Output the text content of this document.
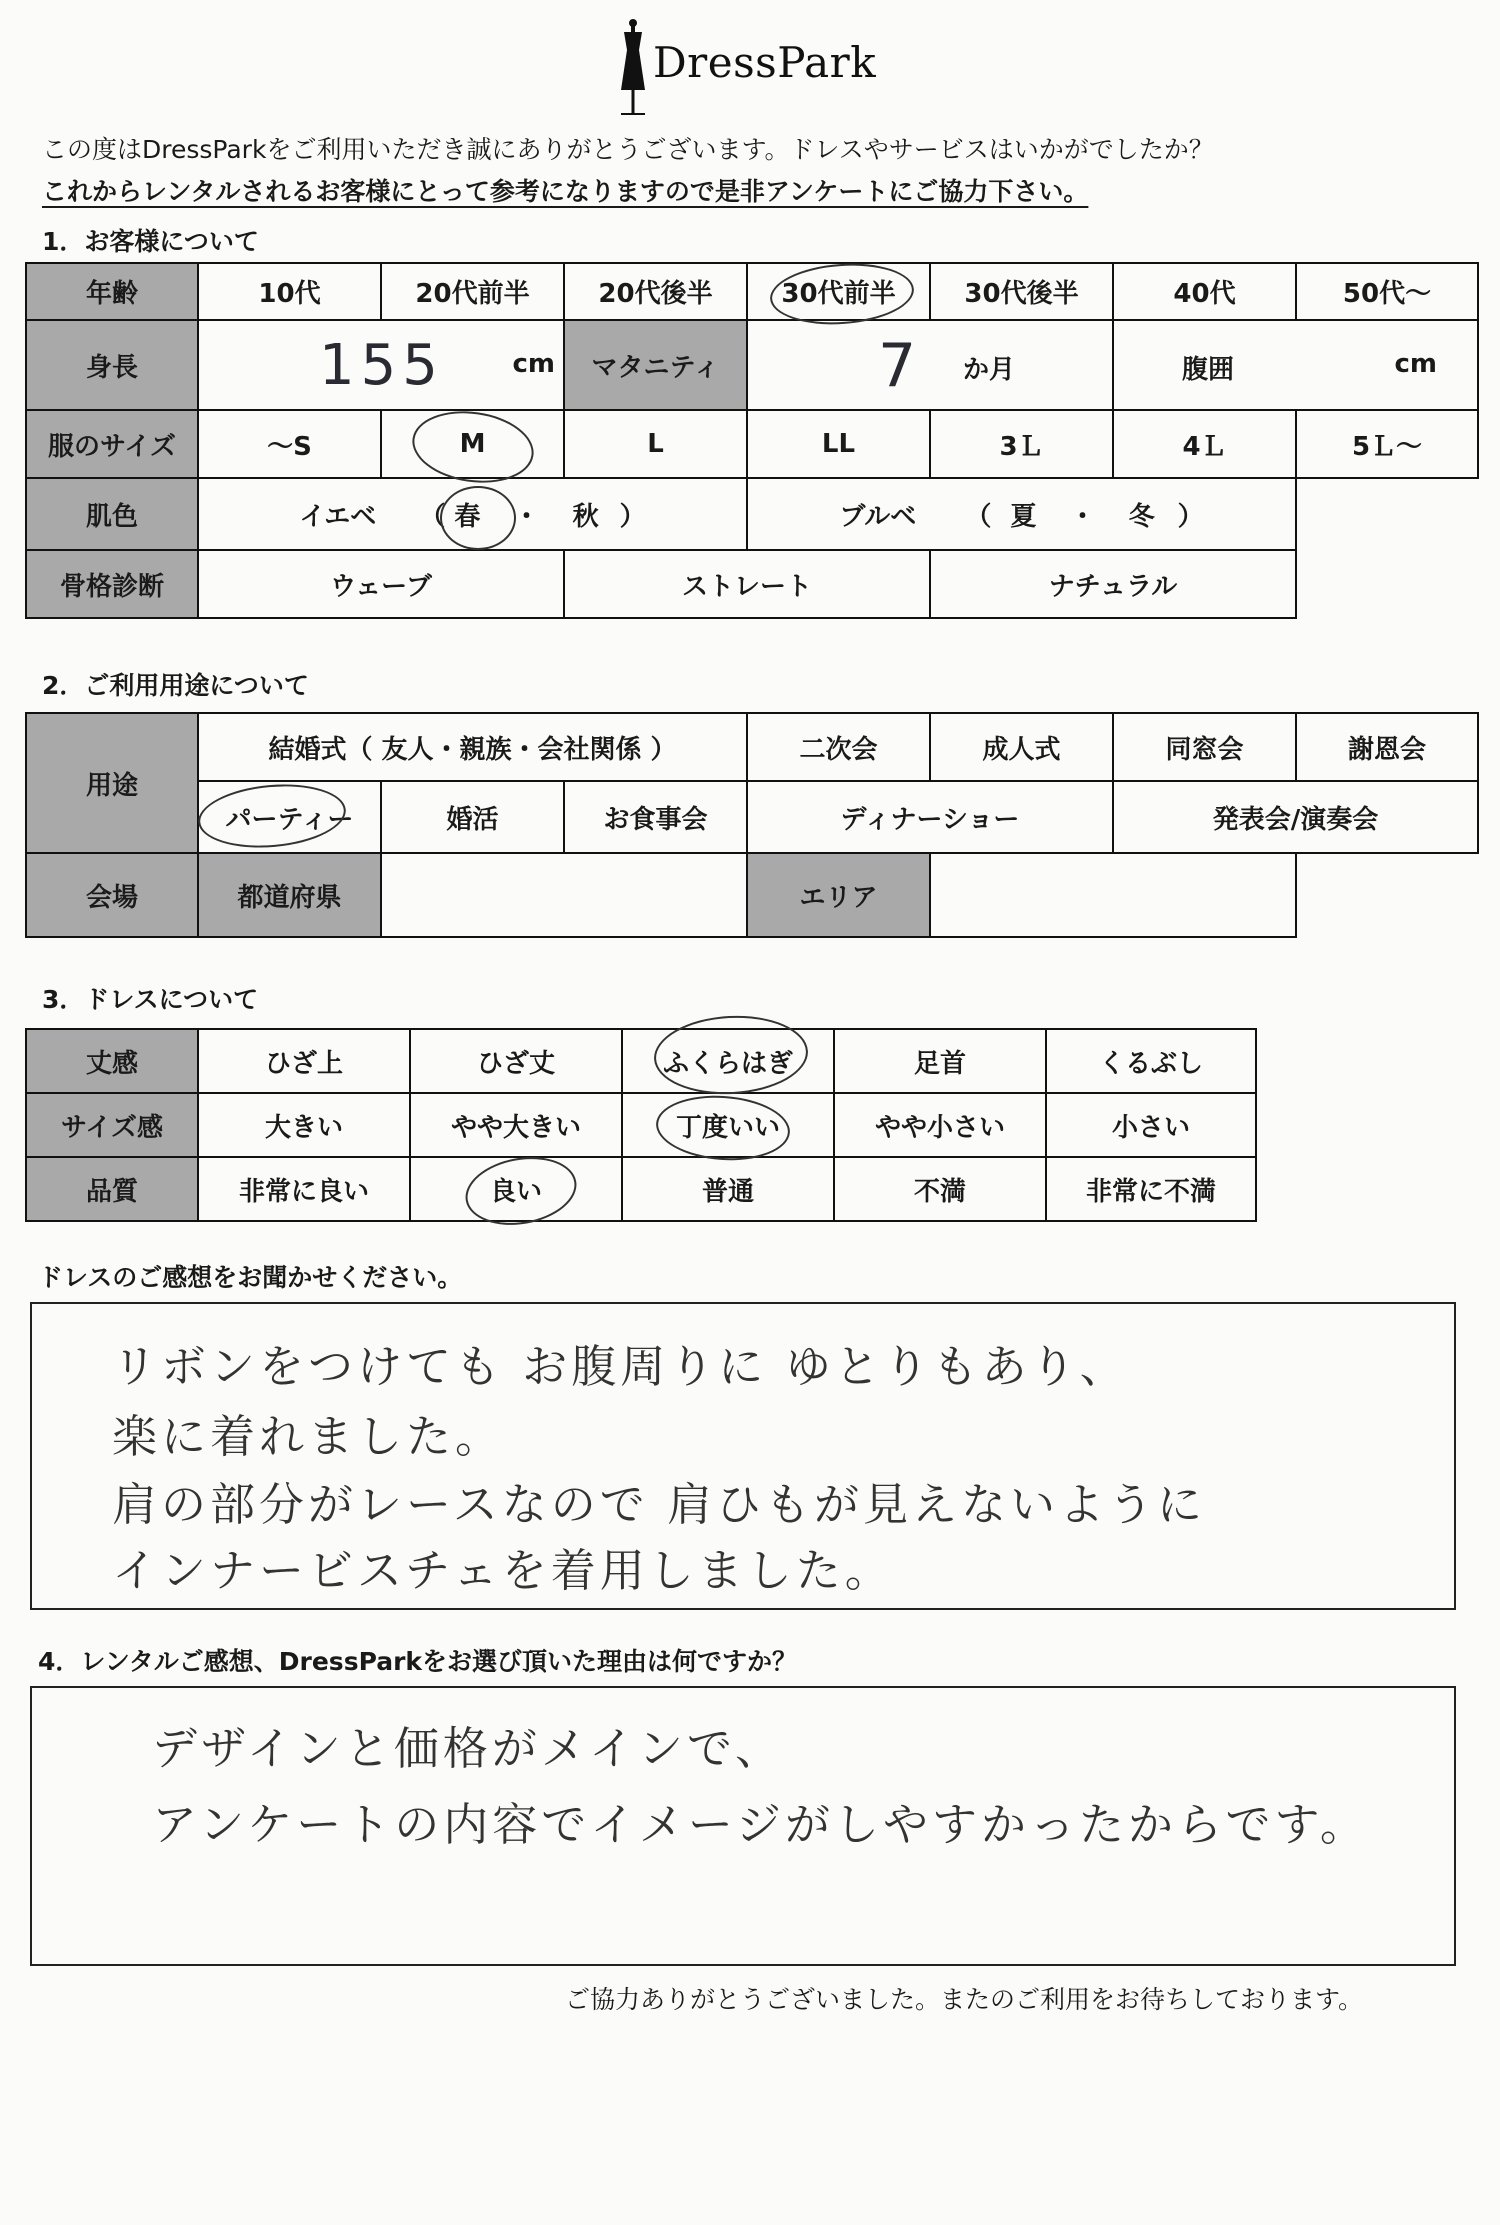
DressPark
この度はDressParkをご利用いただき誠にありがとうございます。ドレスやサービスはいかがでしたか？
これからレンタルされるお客様にとって参考になりますので是非アンケートにご協力下さい。
1．お客様について
年齢	10代	20代前半	20代後半	30代前半	30代後半	40代	50代～
身長	155 cm		マタニティ	7 か月		腹囲 cm	

服のサイズ	～S	M	L	LL	3Ｌ	4Ｌ	5Ｌ～
肌色	イエベ （ 春 ・ 秋 ）			ブルベ （ 夏 ・ 冬 ）			
骨格診断	ウェーブ		ストレート		ナチュラル		
2．ご利用用途について
用途	結婚式（ 友人・親族・会社関係 ）			二次会	成人式	同窓会	謝恩会
	パーティー	婚活	お食事会	ディナーショー		発表会/演奏会	
会場	都道府県			エリア			
3．ドレスについて
丈感	ひざ上	ひざ丈	ふくらはぎ	足首	くるぶし
サイズ感	大きい	やや大きい	丁度いい	やや小さい	小さい
品質	非常に良い	良い	普通	不満	非常に不満
ドレスのご感想をお聞かせください。
リボンをつけても お腹周りに ゆとりもあり、
楽に着れました。
肩の部分がレースなので 肩ひもが見えないように
インナービスチェを着用しました。
4．レンタルご感想、DressParkをお選び頂いた理由は何ですか？
デザインと価格がメインで、
アンケートの内容でイメージがしやすかったからです。
ご協力ありがとうございました。またのご利用をお待ちしております。
